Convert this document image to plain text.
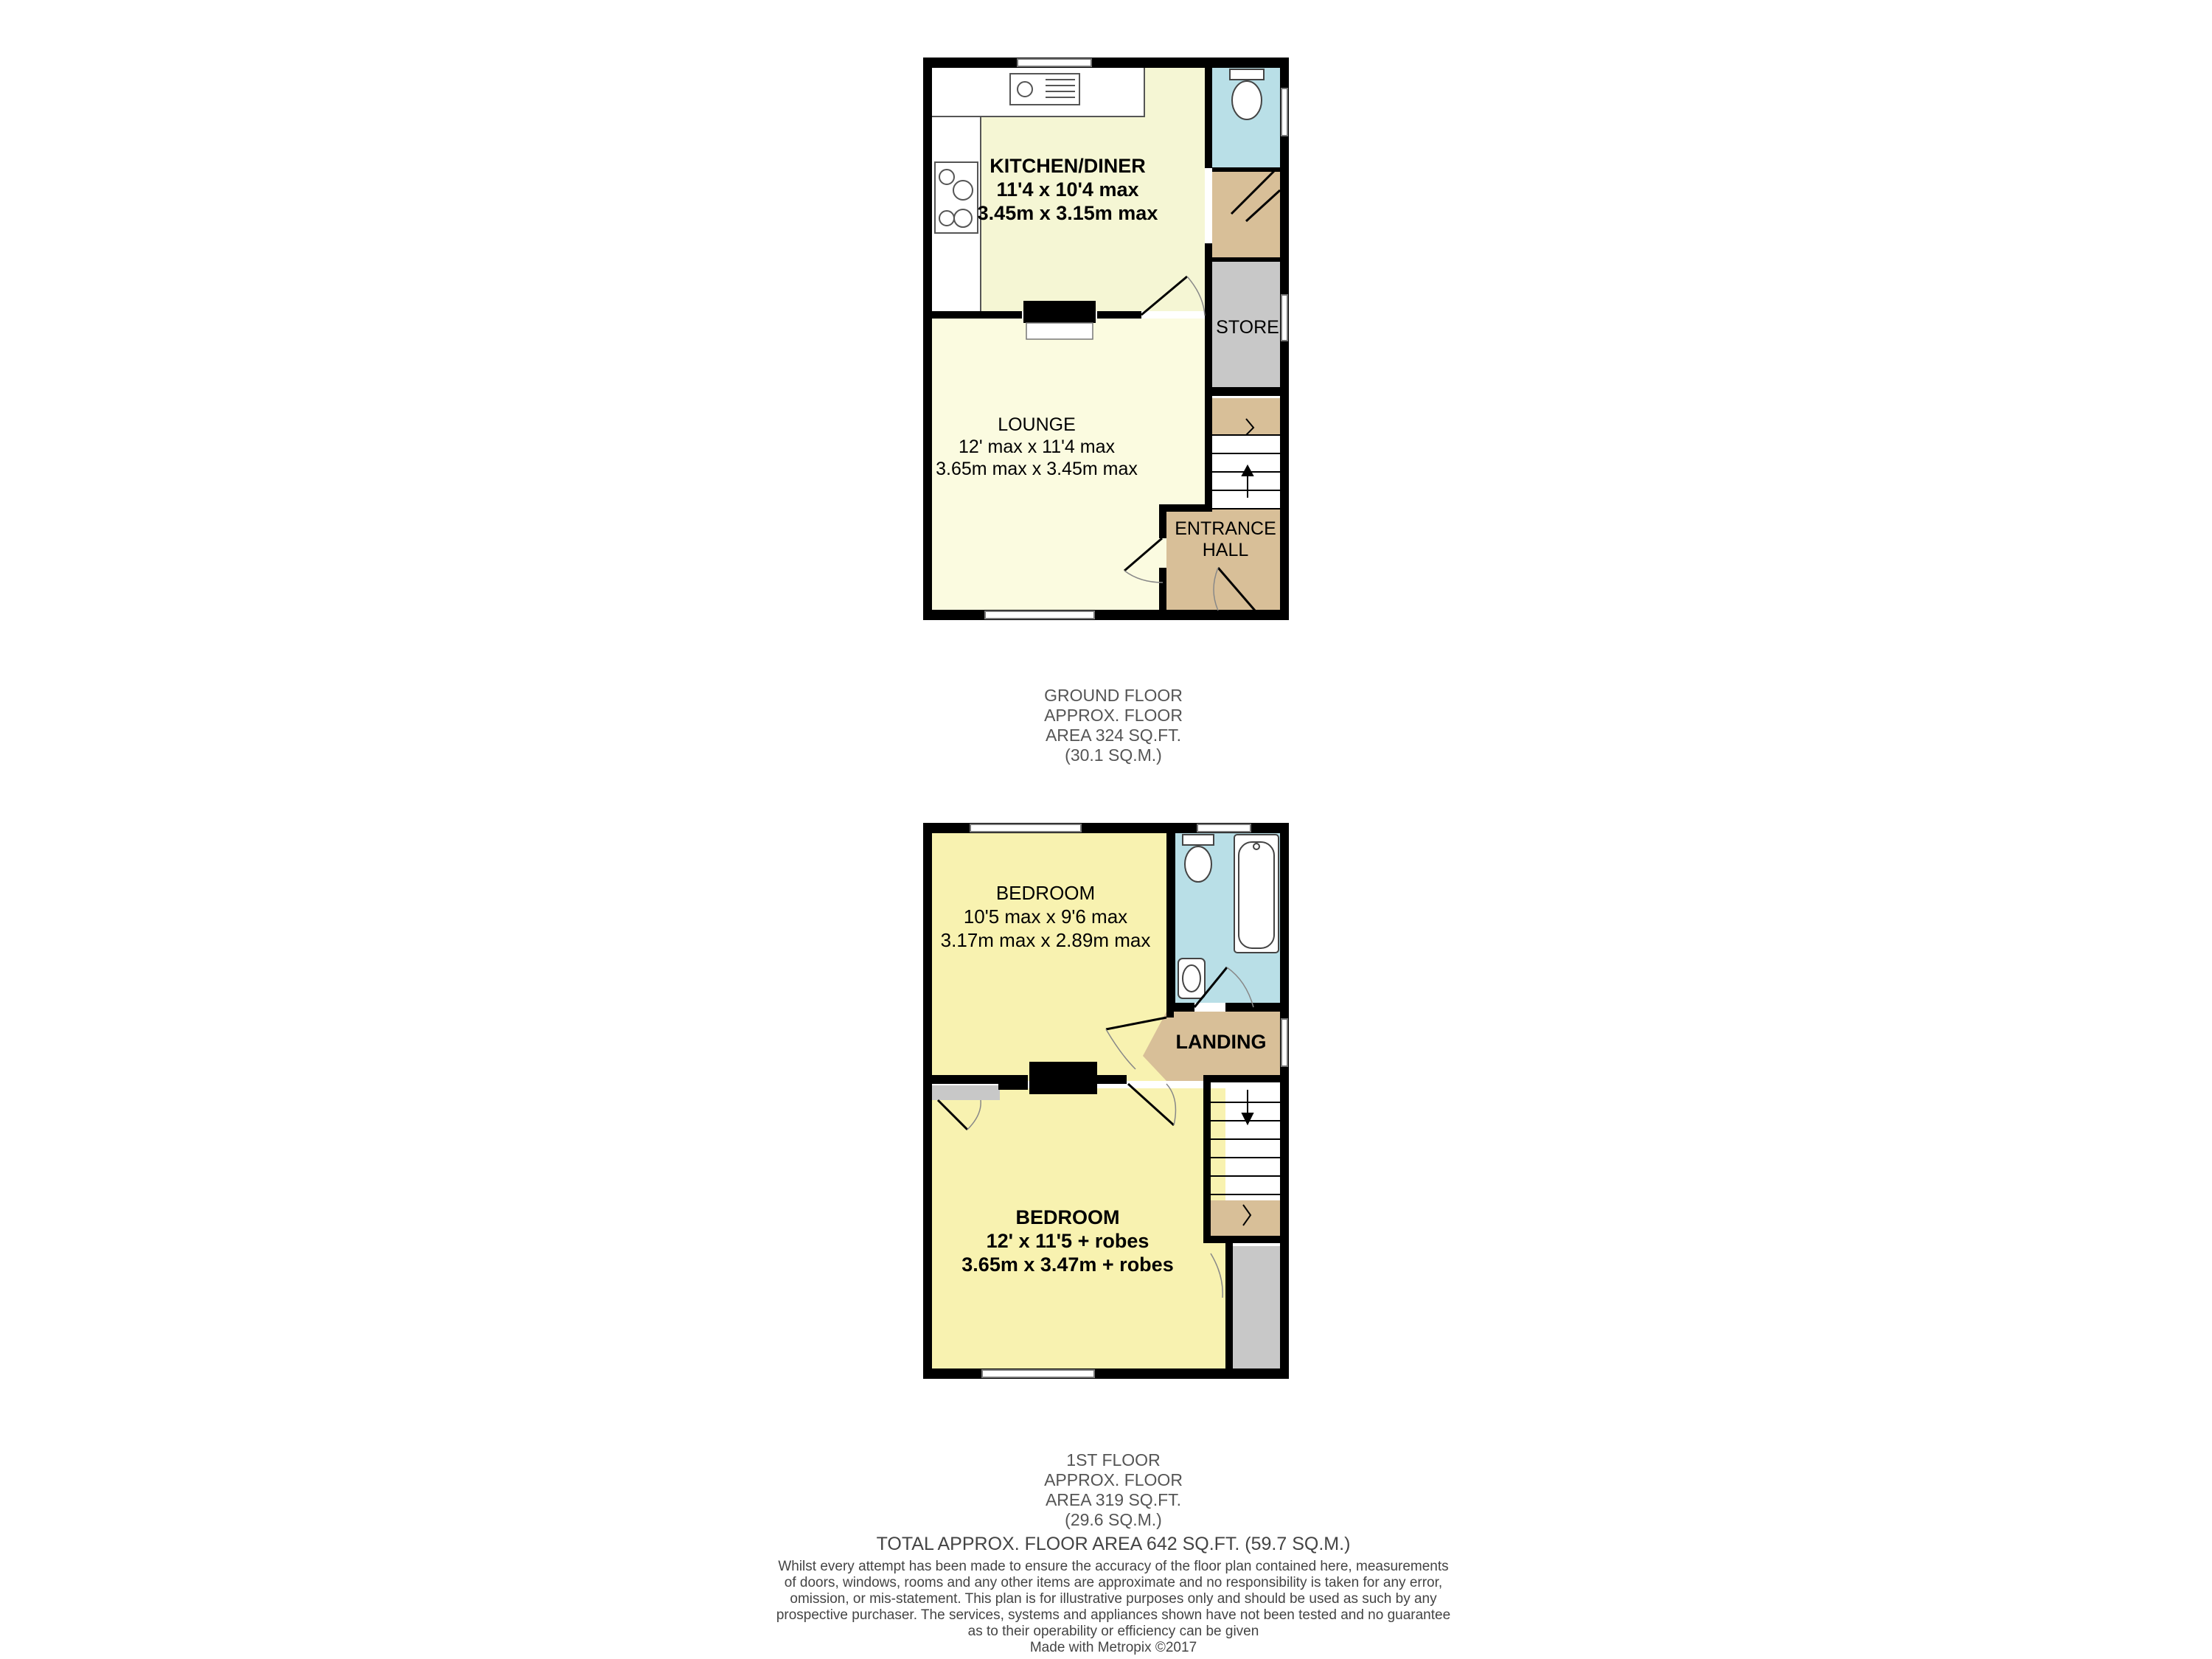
KITCHEN/DINER
11'4 x 10'4 max
3.45m x 3.15m max
LOUNGE
12' max x 11'4 max
3.65m max x 3.45m max
STORE
ENTRANCE
HALL
BEDROOM
10'5 max x 9'6 max
3.17m max x 2.89m max
LANDING
BEDROOM
12' x 11'5 + robes
3.65m x 3.47m + robes
GROUND FLOOR
APPROX. FLOOR
AREA 324 SQ.FT.
(30.1 SQ.M.)
1ST FLOOR
APPROX. FLOOR
AREA 319 SQ.FT.
(29.6 SQ.M.)
TOTAL APPROX. FLOOR AREA 642 SQ.FT. (59.7 SQ.M.)
Whilst every attempt has been made to ensure the accuracy of the floor plan contained here, measurements
of doors, windows, rooms and any other items are approximate and no responsibility is taken for any error,
omission, or mis-statement. This plan is for illustrative purposes only and should be used as such by any
prospective purchaser. The services, systems and appliances shown have not been tested and no guarantee
as to their operability or efficiency can be given
Made with Metropix ©2017
